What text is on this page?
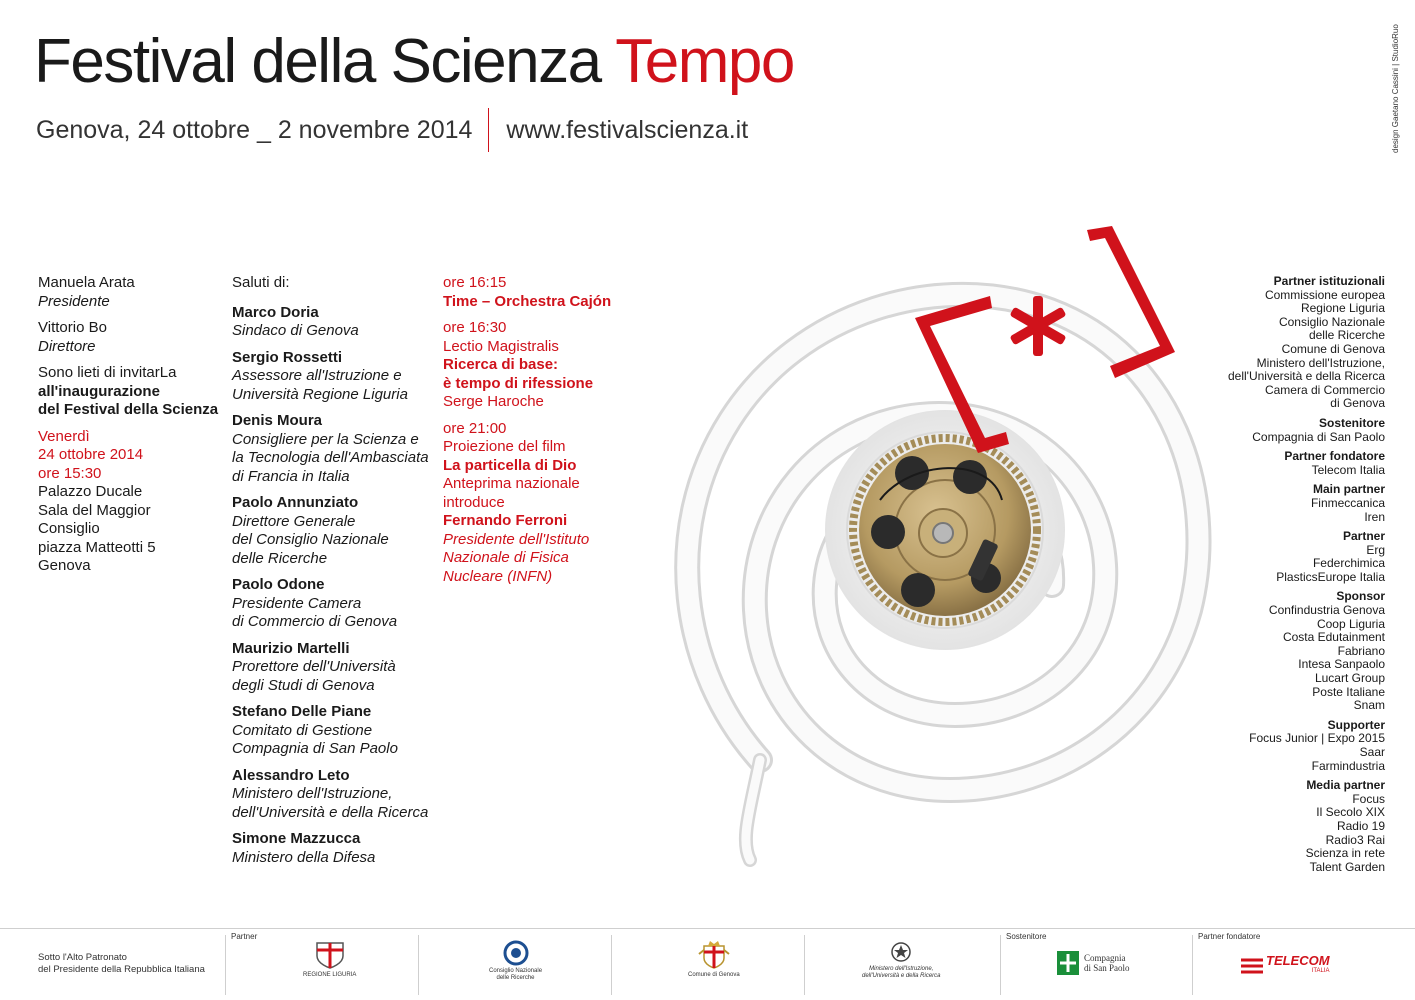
Festival della Scienza Tempo
Genova, 24 ottobre _ 2 novembre 2014 www.festivalscienza.it	design Gaetano Cassini | StudioRuo

Manuela Arata
Presidente

Vittorio Bo
Direttore

Sono lieti di invitarLa
all'inaugurazione
del Festival della Scienza

Venerdì
24 ottobre 2014
ore 15:30
Palazzo Ducale
Sala del Maggior
Consiglio
piazza Matteotti 5
Genova

Saluti di:

Marco Doria
Sindaco di Genova

Sergio Rossetti
Assessore all'Istruzione e
Università Regione Liguria

Denis Moura
Consigliere per la Scienza e
la Tecnologia dell'Ambasciata
di Francia in Italia

Paolo Annunziato
Direttore Generale
del Consiglio Nazionale
delle Ricerche

Paolo Odone
Presidente Camera
di Commercio di Genova

Maurizio Martelli
Prorettore dell'Università
degli Studi di Genova

Stefano Delle Piane
Comitato di Gestione
Compagnia di San Paolo

Alessandro Leto
Ministero dell'Istruzione,
dell'Università e della Ricerca

Simone Mazzucca
Ministero della Difesa

ore 16:15
Time – Orchestra Cajón

ore 16:30
Lectio Magistralis
Ricerca di base:
è tempo di rifessione
Serge Haroche

ore 21:00
Proiezione del film
La particella di Dio
Anteprima nazionale
introduce
Fernando Ferroni
Presidente dell'Istituto
Nazionale di Fisica
Nucleare (INFN)

Partner istituzionali
Commissione europea
Regione Liguria
Consiglio Nazionale
delle Ricerche
Comune di Genova
Ministero dell'Istruzione,
dell'Università e della Ricerca
Camera di Commercio
di Genova
Sostenitore
Compagnia di San Paolo
Partner fondatore
Telecom Italia
Main partner
Finmeccanica
Iren
Partner
Erg
Federchimica
PlasticsEurope Italia
Sponsor
Confindustria Genova
Coop Liguria
Costa Edutainment
Fabriano
Intesa Sanpaolo
Lucart Group
Poste Italiane
Snam
Supporter
Focus Junior | Expo 2015
Saar
Farmindustria
Media partner
Focus
Il Secolo XIX
Radio 19
Radio3 Rai
Scienza in rete
Talent Garden
Partner	Sostenitore	Partner fondatore
Sotto l'Alto Patronato
del Presidente della Repubblica Italiana	REGIONE LIGURIA
Consiglio Nazionale
delle Ricerche	Comune di Genova
Ministero dell'Istruzione,
dell'Università e della Ricerca
Compagnia
di San Paolo	TELECOM
ITALIA
